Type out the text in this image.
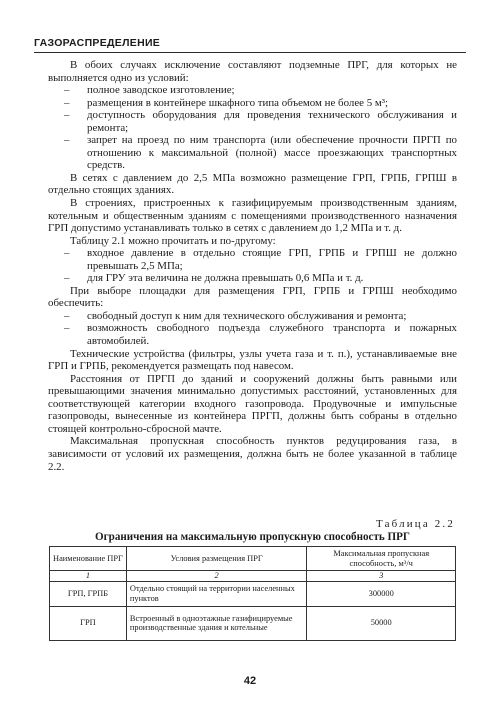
ГАЗОРАСПРЕДЕЛЕНИЕ

В обоих случаях исключение составляют подземные ПРГ, для которых не выполняется одно из условий:

– полное заводское изготовление;
– размещения в контейнере шкафного типа объемом не более 5 м³;
– доступность оборудования для проведения технического обслуживания и ремонта;
– запрет на проезд по ним транспорта (или обеспечение прочности ПРГП по отношению к максимальной (полной) массе проезжающих транспортных средств.

В сетях с давлением до 2,5 МПа возможно размещение ГРП, ГРПБ, ГРПШ в отдельно стоящих зданиях.

В строениях, пристроенных к газифицируемым производственным зданиям, котельным и общественным зданиям с помещениями производственного назначения ГРП допустимо устанавливать только в сетях с давлением до 1,2 МПа и т. д.

Таблицу 2.1 можно прочитать и по-другому:

– входное давление в отдельно стоящие ГРП, ГРПБ и ГРПШ не должно превышать 2,5 МПа;
– для ГРУ эта величина не должна превышать 0,6 МПа и т. д.

При выборе площадки для размещения ГРП, ГРПБ и ГРПШ необходимо обеспечить:

– свободный доступ к ним для технического обслуживания и ремонта;
– возможность свободного подъезда служебного транспорта и пожарных автомобилей.

Технические устройства (фильтры, узлы учета газа и т. п.), устанавливаемые вне ГРП и ГРПБ, рекомендуется размещать под навесом.

Расстояния от ПРГП до зданий и сооружений должны быть равными или превышающими значения минимально допустимых расстояний, установленных для соответствующей категории входного газопровода. Продувочные и импульсные газопроводы, вынесенные из контейнера ПРГП, должны быть собраны в отдельно стоящей контрольно-сбросной мачте.

Максимальная пропускная способность пунктов редуцирования газа, в зависимости от условий их размещения, должна быть не более указанной в таблице 2.2.

Таблица 2.2
Ограничения на максимальную пропускную способность ПРГ
Наименование ПРГ	Условия размещения ПРГ	Максимальная пропускная способность, м³/ч
1	2	3
ГРП, ГРПБ	Отдельно стоящий на территории населенных пунктов	300000
ГРП	Встроенный в одноэтажные газифицируемые производственные здания и котельные	50000
42
